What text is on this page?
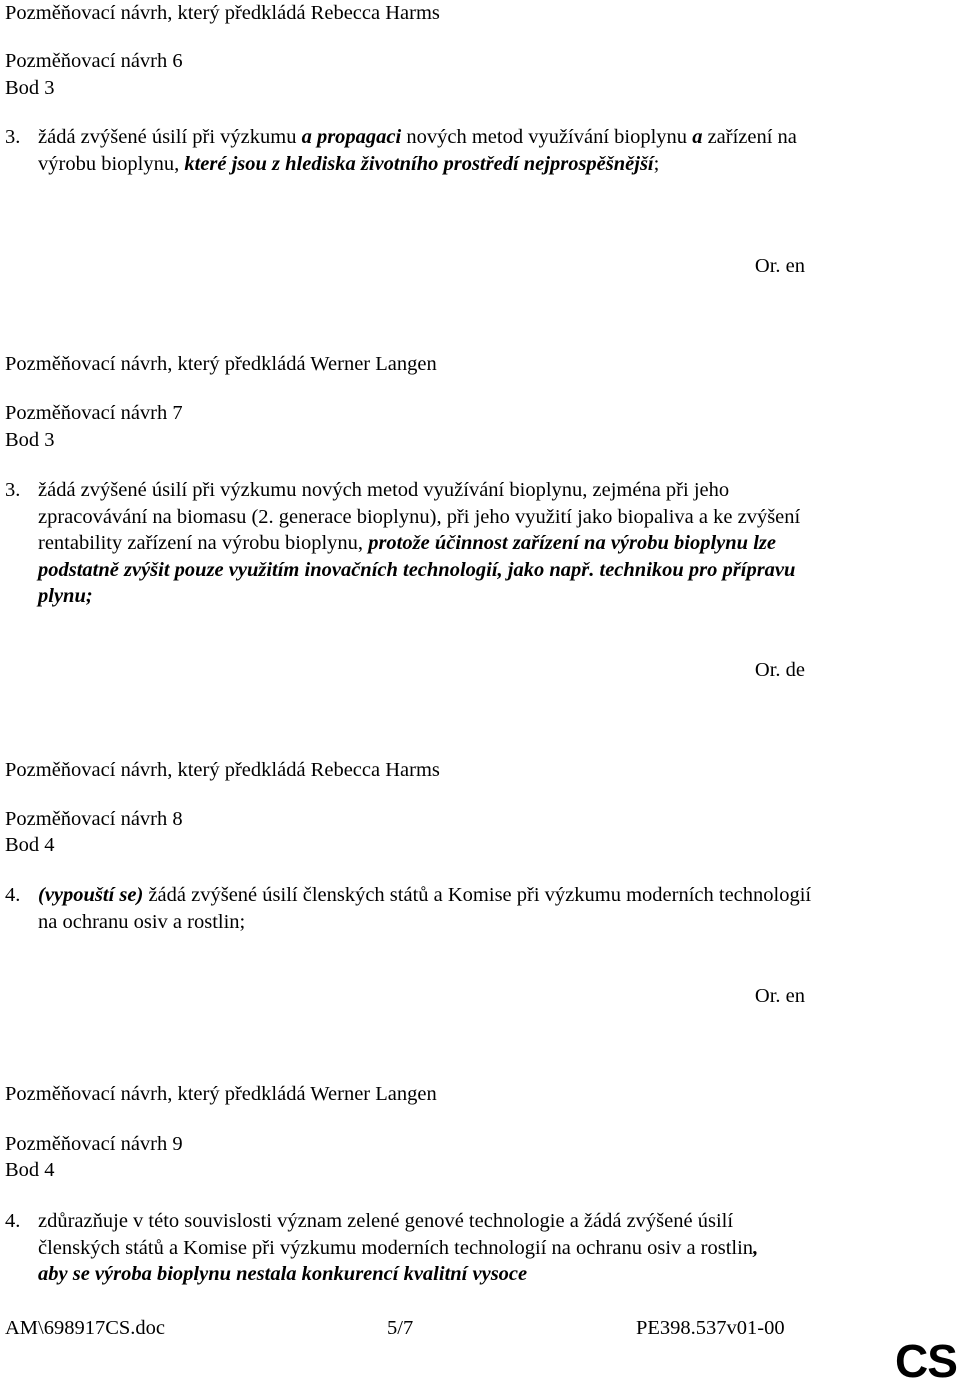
Pozměňovací návrh, který předkládá Rebecca Harms
Pozměňovací návrh 6
Bod 3
3. žádá zvýšené úsilí při výzkumu a propagaci nových metod využívání bioplynu a zařízení na výrobu bioplynu, které jsou z hlediska životního prostředí nejprospěšnější;
Or. en
Pozměňovací návrh, který předkládá Werner Langen
Pozměňovací návrh 7
Bod 3
3. žádá zvýšené úsilí při výzkumu nových metod využívání bioplynu, zejména při jeho zpracovávání na biomasu (2. generace bioplynu), při jeho využití jako biopaliva a ke zvýšení rentability zařízení na výrobu bioplynu, protože účinnost zařízení na výrobu bioplynu lze podstatně zvýšit pouze využitím inovačních technologií, jako např. technikou pro přípravu plynu;
Or. de
Pozměňovací návrh, který předkládá Rebecca Harms
Pozměňovací návrh 8
Bod 4
4. (vypouští se) žádá zvýšené úsilí členských států a Komise při výzkumu moderních technologií na ochranu osiv a rostlin;
Or. en
Pozměňovací návrh, který předkládá Werner Langen
Pozměňovací návrh 9
Bod 4
4. zdůrazňuje v této souvislosti význam zelené genové technologie a žádá zvýšené úsilí členských států a Komise při výzkumu moderních technologií na ochranu osiv a rostlin, aby se výroba bioplynu nestala konkurencí kvalitní vysoce
AM\698917CS.doc	5/7	PE398.537v01-00
CS
